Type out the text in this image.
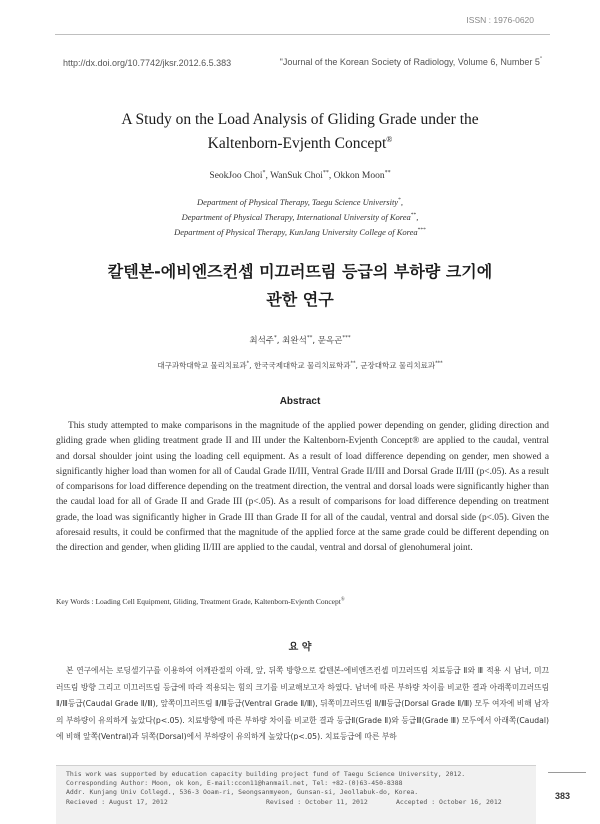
ISSN : 1976-0620
http://dx.doi.org/10.7742/jksr.2012.6.5.383	"Journal of the Korean Society of Radiology, Volume 6, Number 5"
A Study on the Load Analysis of Gliding Grade under the
Kaltenborn-Evjenth Concept®
SeokJoo Choi*, WanSuk Choi**, Okkon Moon**
Department of Physical Therapy, Taegu Science University*,
Department of Physical Therapy, International University of Korea**,
Department of Physical Therapy, KunJang University College of Korea***
칼텐본-에비엔즈컨셉 미끄러뜨림 등급의 부하량 크기에
관한 연구
최석주*, 최완석**, 문옥곤***
대구과학대학교 물리치료과*, 한국국제대학교 물리치료학과**, 군장대학교 물리치료과***
Abstract

This study attempted to make comparisons in the magnitude of the applied power depending on gender, gliding direction and gliding grade when gliding treatment grade II and III under the Kaltenborn-Evjenth Concept® are applied to the caudal, ventral and dorsal shoulder joint using the loading cell equipment. As a result of load difference depending on gender, men showed a significantly higher load than women for all of Caudal Grade II/III, Ventral Grade II/III and Dorsal Grade II/III (p<.05). As a result of comparisons for load difference depending on the treatment direction, the ventral and dorsal loads were significantly higher than the caudal load for all of Grade II and Grade III (p<.05). As a result of comparisons for load difference depending on treatment grade, the load was significantly higher in Grade III than Grade II for all of the caudal, ventral and dorsal side (p<.05). Given the aforesaid results, it could be confirmed that the magnitude of the applied force at the same grade could be different depending on the direction and gender, when gliding II/III are applied to the caudal, ventral and dorsal of glenohumeral joint.

Key Words : Loading Cell Equipment, Gliding, Treatment Grade, Kaltenborn-Evjenth Concept®
요 약

본 연구에서는 로딩셀기구를 이용하여 어깨관절의 아래, 앞, 뒤쪽 방향으로 칼텐본-에비엔즈컨셉 미끄러뜨림 치료등급 Ⅱ와 Ⅲ 적용 시 남녀, 미끄러뜨림 방향 그리고 미끄러뜨림 등급에 따라 적용되는 힘의 크기를 비교해보고자 하였다. 남녀에 따른 부하량 차이를 비교한 결과 아래쪽미끄러뜨림 Ⅱ/Ⅲ등급(Caudal Grade Ⅱ/Ⅲ), 앞쪽미끄러뜨림 Ⅱ/Ⅲ등급(Ventral Grade Ⅱ/Ⅲ), 뒤쪽미끄러뜨림 Ⅱ/Ⅲ등급(Dorsal Grade Ⅱ/Ⅲ) 모두 여자에 비해 남자의 부하량이 유의하게 높았다(p<.05). 치료방향에 따른 부하량 차이를 비교한 결과 등급Ⅱ(Grade Ⅱ)와 등급Ⅲ(Grade Ⅲ) 모두에서 아래쪽(Caudal)에 비해 앞쪽(Ventral)과 뒤쪽(Dorsal)에서 부하량이 유의하게 높았다(p<.05). 치료등급에 따른 부하

383
This work was supported by education capacity building project fund of Taegu Science University, 2012.
Corresponding Author: Moon, ok kon, E-mail:ccon11@hanmail.net, Tel: +82-(0)63-450-8388
Addr. Kunjang Univ Collegd., 536-3 Ooam-ri, Seongsanmyeon, Gunsan-si, Jeollabuk-do, Korea.
Recieved : August 17, 2012	Revised : October 11, 2012	Accepted : October 16, 2012
